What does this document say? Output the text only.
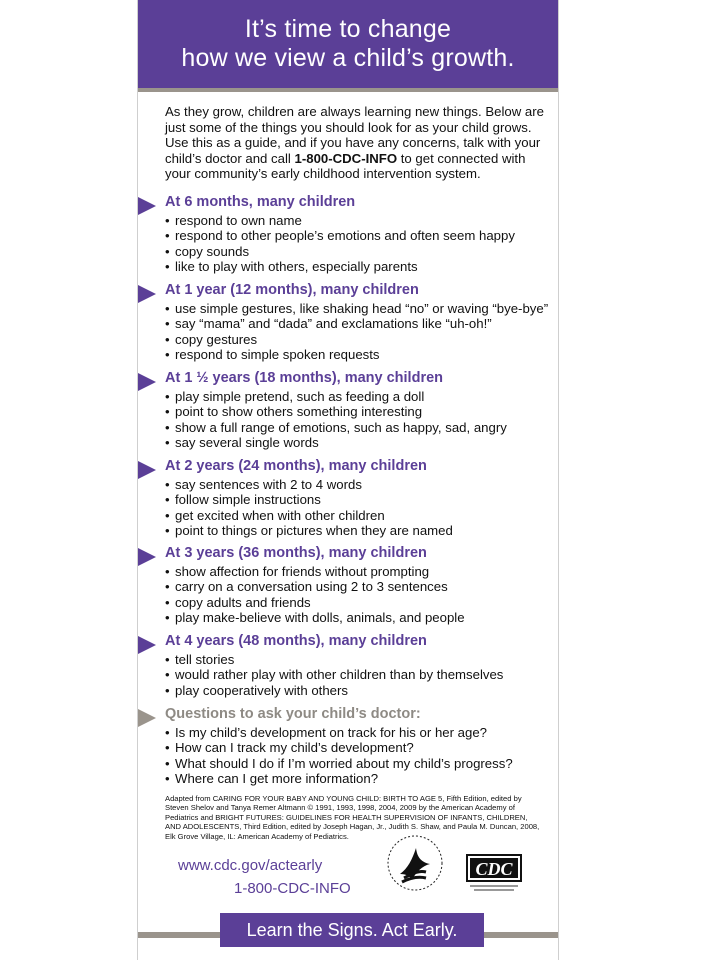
It’s time to change
how we view a child’s growth.
As they grow, children are always learning new things. Below are just some of the things you should look for as your child grows. Use this as a guide, and if you have any concerns, talk with your child’s doctor and call 1-800-CDC-INFO to get connected with your community’s early childhood intervention system.
At 6 months, many children
• respond to own name
• respond to other people’s emotions and often seem happy
• copy sounds
• like to play with others, especially parents
At 1 year (12 months), many children
• use simple gestures, like shaking head “no” or waving “bye-bye”
• say “mama” and “dada” and exclamations like “uh-oh!”
• copy gestures
• respond to simple spoken requests
At 1 ½ years (18 months), many children
• play simple pretend, such as feeding a doll
• point to show others something interesting
• show a full range of emotions, such as happy, sad, angry
• say several single words
At 2 years (24 months), many children
• say sentences with 2 to 4 words
• follow simple instructions
• get excited when with other children
• point to things or pictures when they are named
At 3 years (36 months), many children
• show affection for friends without prompting
• carry on a conversation using 2 to 3 sentences
• copy adults and friends
• play make-believe with dolls, animals, and people
At 4 years (48 months), many children
• tell stories
• would rather play with other children than by themselves
• play cooperatively with others
Questions to ask your child’s doctor:
• Is my child’s development on track for his or her age?
• How can I track my child’s development?
• What should I do if I’m worried about my child’s progress?
• Where can I get more information?
Adapted from CARING FOR YOUR BABY AND YOUNG CHILD: BIRTH TO AGE 5, Fifth Edition, edited by Steven Shelov and Tanya Remer Altmann © 1991, 1993, 1998, 2004, 2009 by the American Academy of Pediatrics and BRIGHT FUTURES: GUIDELINES FOR HEALTH SUPERVISION OF INFANTS, CHILDREN, AND ADOLESCENTS, Third Edition, edited by Joseph Hagan, Jr., Judith S. Shaw, and Paula M. Duncan, 2008, Elk Grove Village, IL: American Academy of Pediatrics.
www.cdc.gov/actearly
1-800-CDC-INFO
CDC
Learn the Signs. Act Early.
220791
